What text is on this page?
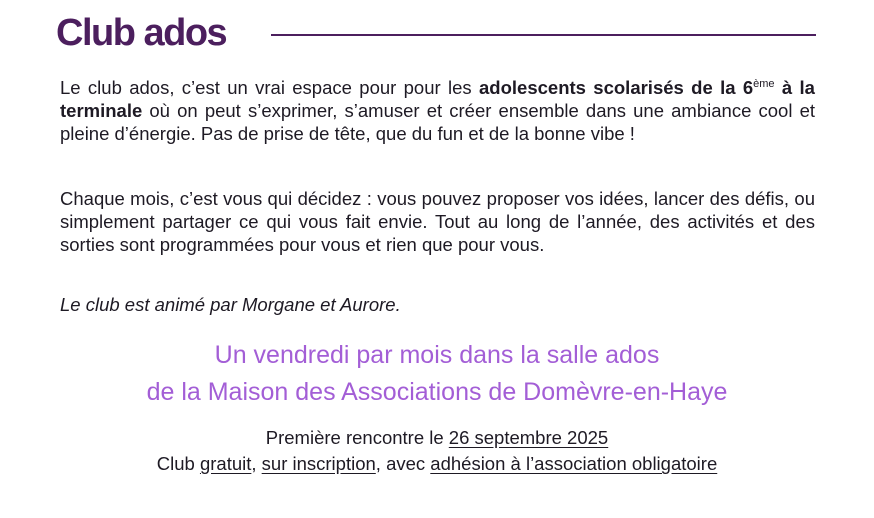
Club ados

Le club ados, c’est un vrai espace pour pour les adolescents scolarisés de la 6ème à la terminale où on peut s’exprimer, s’amuser et créer ensemble dans une ambiance cool et pleine d’énergie. Pas de prise de tête, que du fun et de la bonne vibe !

Chaque mois, c’est vous qui décidez : vous pouvez proposer vos idées, lancer des défis, ou simplement partager ce qui vous fait envie. Tout au long de l’année, des activités et des sorties sont programmées pour vous et rien que pour vous.

Le club est animé par Morgane et Aurore.

Un vendredi par mois dans la salle ados
de la Maison des Associations de Domèvre-en-Haye
Première rencontre le 26 septembre 2025
Club gratuit, sur inscription, avec adhésion à l’association obligatoire
